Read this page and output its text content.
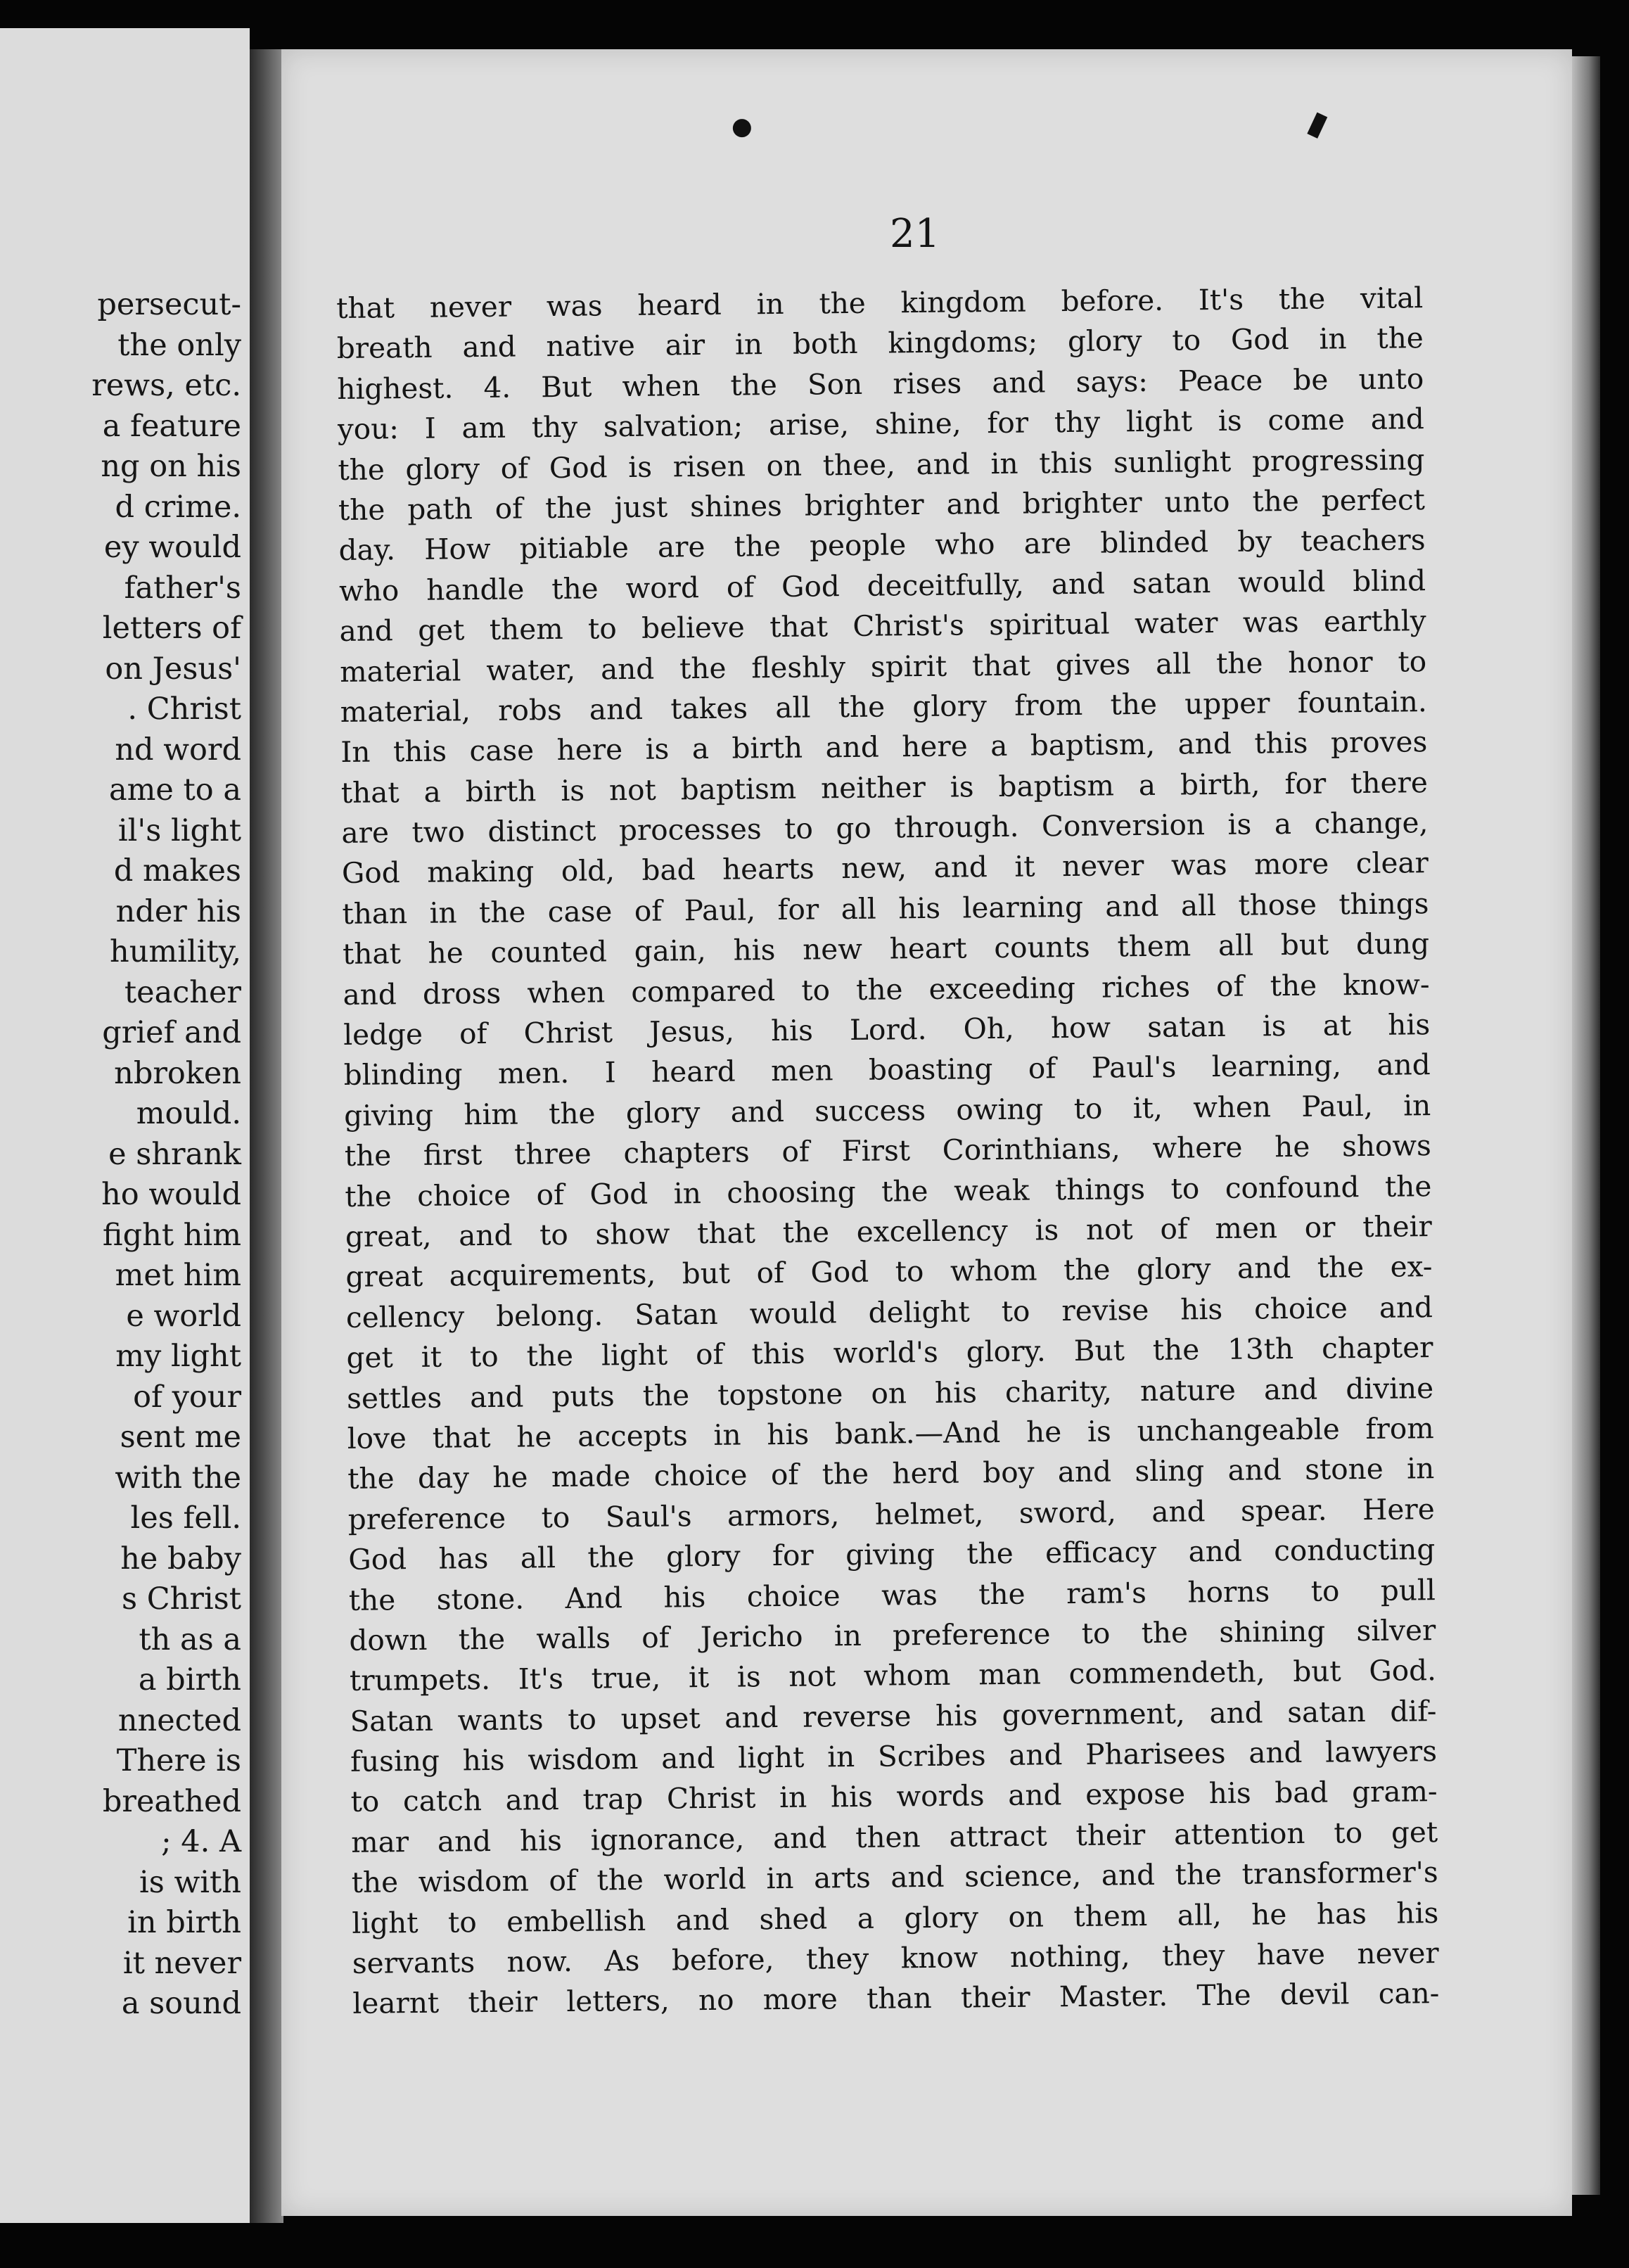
persecut-
the only
rews, etc.
a feature
ng on his
d crime.
ey would
father's
letters of
on Jesus'
. Christ
nd word
ame to a
il's light
d makes
nder his
humility,
teacher
grief and
nbroken
mould.
e shrank
ho would
fight him
met him
e world
my light
of your
sent me
with the
les fell.
he baby
s Christ
th as a
a birth
nnected
There is
breathed
; 4. A
is with
in birth
it never
a sound
●	▮
21
that never was heard in the kingdom before. It's the vital
breath and native air in both kingdoms; glory to God in the
highest. 4. But when the Son rises and says: Peace be unto
you: I am thy salvation; arise, shine, for thy light is come and
the glory of God is risen on thee, and in this sunlight progressing
the path of the just shines brighter and brighter unto the perfect
day. How pitiable are the people who are blinded by teachers
who handle the word of God deceitfully, and satan would blind
and get them to believe that Christ's spiritual water was earthly
material water, and the fleshly spirit that gives all the honor to
material, robs and takes all the glory from the upper fountain.
In this case here is a birth and here a baptism, and this proves
that a birth is not baptism neither is baptism a birth, for there
are two distinct processes to go through. Conversion is a change,
God making old, bad hearts new, and it never was more clear
than in the case of Paul, for all his learning and all those things
that he counted gain, his new heart counts them all but dung
and dross when compared to the exceeding riches of the know-
ledge of Christ Jesus, his Lord. Oh, how satan is at his
blinding men. I heard men boasting of Paul's learning, and
giving him the glory and success owing to it, when Paul, in
the first three chapters of First Corinthians, where he shows
the choice of God in choosing the weak things to confound the
great, and to show that the excellency is not of men or their
great acquirements, but of God to whom the glory and the ex-
cellency belong. Satan would delight to revise his choice and
get it to the light of this world's glory. But the 13th chapter
settles and puts the topstone on his charity, nature and divine
love that he accepts in his bank.—And he is unchangeable from
the day he made choice of the herd boy and sling and stone in
preference to Saul's armors, helmet, sword, and spear. Here
God has all the glory for giving the efficacy and conducting
the stone. And his choice was the ram's horns to pull
down the walls of Jericho in preference to the shining silver
trumpets. It's true, it is not whom man commendeth, but God.
Satan wants to upset and reverse his government, and satan dif-
fusing his wisdom and light in Scribes and Pharisees and lawyers
to catch and trap Christ in his words and expose his bad gram-
mar and his ignorance, and then attract their attention to get
the wisdom of the world in arts and science, and the transformer's
light to embellish and shed a glory on them all, he has his
servants now. As before, they know nothing, they have never
learnt their letters, no more than their Master. The devil can-
